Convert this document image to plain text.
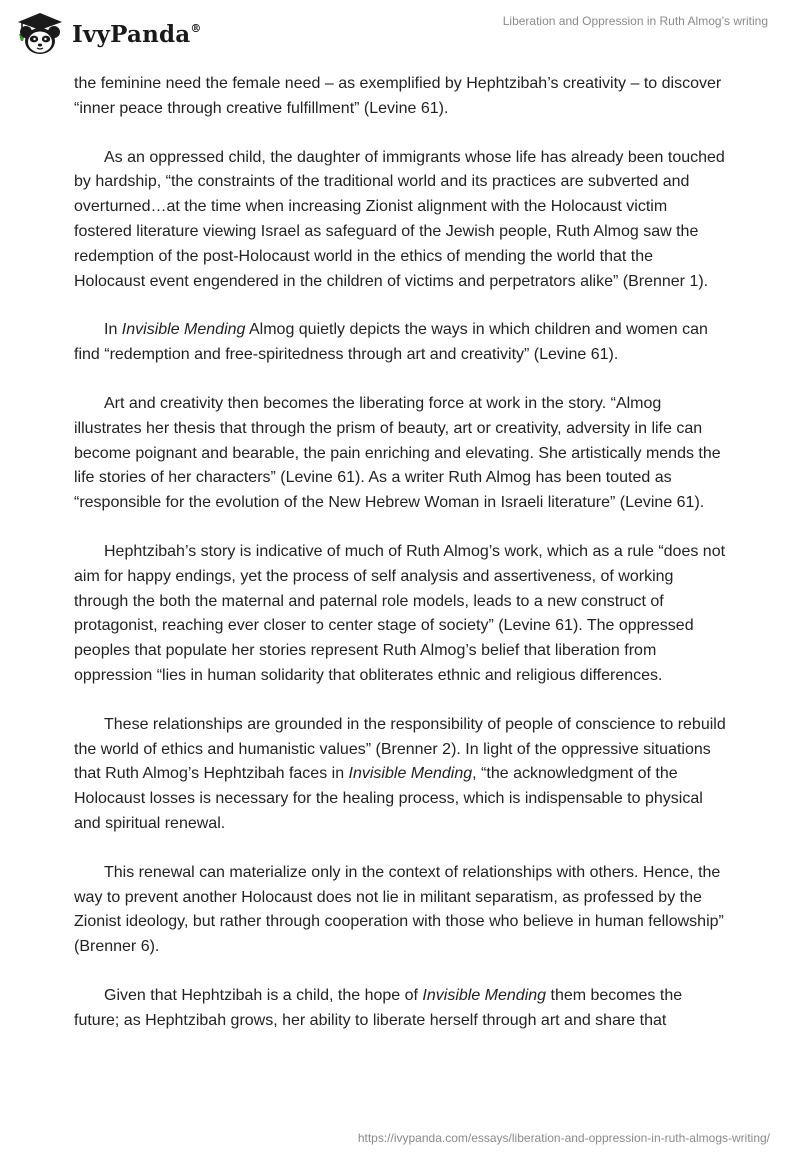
IvyPanda®	Liberation and Oppression in Ruth Almog’s writing

the feminine need the female need – as exemplified by Hephtzibah’s creativity – to discover “inner peace through creative fulfillment” (Levine 61).

As an oppressed child, the daughter of immigrants whose life has already been touched by hardship, “the constraints of the traditional world and its practices are subverted and overturned…at the time when increasing Zionist alignment with the Holocaust victim fostered literature viewing Israel as safeguard of the Jewish people, Ruth Almog saw the redemption of the post-Holocaust world in the ethics of mending the world that the Holocaust event engendered in the children of victims and perpetrators alike” (Brenner 1).

In Invisible Mending Almog quietly depicts the ways in which children and women can find “redemption and free-spiritedness through art and creativity” (Levine 61).

Art and creativity then becomes the liberating force at work in the story. “Almog illustrates her thesis that through the prism of beauty, art or creativity, adversity in life can become poignant and bearable, the pain enriching and elevating. She artistically mends the life stories of her characters” (Levine 61). As a writer Ruth Almog has been touted as “responsible for the evolution of the New Hebrew Woman in Israeli literature” (Levine 61).

Hephtzibah’s story is indicative of much of Ruth Almog’s work, which as a rule “does not aim for happy endings, yet the process of self analysis and assertiveness, of working through the both the maternal and paternal role models, leads to a new construct of protagonist, reaching ever closer to center stage of society” (Levine 61). The oppressed peoples that populate her stories represent Ruth Almog’s belief that liberation from oppression “lies in human solidarity that obliterates ethnic and religious differences.

These relationships are grounded in the responsibility of people of conscience to rebuild the world of ethics and humanistic values” (Brenner 2). In light of the oppressive situations that Ruth Almog’s Hephtzibah faces in Invisible Mending, “the acknowledgment of the Holocaust losses is necessary for the healing process, which is indispensable to physical and spiritual renewal.

This renewal can materialize only in the context of relationships with others. Hence, the way to prevent another Holocaust does not lie in militant separatism, as professed by the Zionist ideology, but rather through cooperation with those who believe in human fellowship” (Brenner 6).

Given that Hephtzibah is a child, the hope of Invisible Mending them becomes the future; as Hephtzibah grows, her ability to liberate herself through art and share that

https://ivypanda.com/essays/liberation-and-oppression-in-ruth-almogs-writing/
